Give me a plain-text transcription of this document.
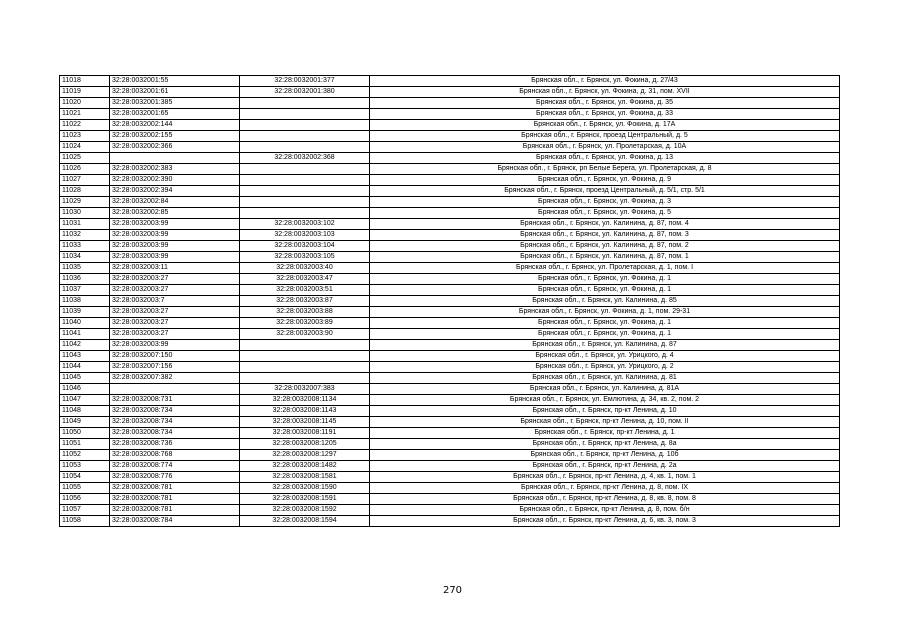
11018	32:28:0032001:55	32:28:0032001:377	Брянская обл., г. Брянск, ул. Фокина, д. 27/43
11019	32:28:0032001:61	32:28:0032001:380	Брянская обл., г. Брянск, ул. Фокина, д. 31, пом. XVII
11020	32:28:0032001:385		Брянская обл., г. Брянск, ул. Фокина, д. 35
11021	32:28:0032001:65		Брянская обл., г. Брянск, ул. Фокина, д. 33
11022	32:28:0032002:144		Брянская обл., г. Брянск, ул. Фокина, д. 17А
11023	32:28:0032002:155		Брянская обл., г. Брянск, проезд Центральный, д. 5
11024	32:28:0032002:366		Брянская обл., г. Брянск, ул. Пролетарская, д. 10А
11025		32:28:0032002:368	Брянская обл., г. Брянск, ул. Фокина, д. 13
11026	32:28:0032002:383		Брянская обл., г. Брянск, рп Белые Берега, ул. Пролетарская, д. 8
11027	32:28:0032002:390		Брянская обл., г. Брянск, ул. Фокина, д. 9
11028	32:28:0032002:394		Брянская обл., г. Брянск, проезд Центральный, д. 5/1, стр. 5/1
11029	32:28:0032002:84		Брянская обл., г. Брянск, ул. Фокина, д. 3
11030	32:28:0032002:85		Брянская обл., г. Брянск, ул. Фокина, д. 5
11031	32:28:0032003:99	32:28:0032003:102	Брянская обл., г. Брянск, ул. Калинина, д. 87, пом. 4
11032	32:28:0032003:99	32:28:0032003:103	Брянская обл., г. Брянск, ул. Калинина, д. 87, пом. 3
11033	32:28:0032003:99	32:28:0032003:104	Брянская обл., г. Брянск, ул. Калинина, д. 87, пом. 2
11034	32:28:0032003:99	32:28:0032003:105	Брянская обл., г. Брянск, ул. Калинина, д. 87, пом. 1
11035	32:28:0032003:11	32:28:0032003:40	Брянская обл., г. Брянск, ул. Пролетарская, д. 1, пом. I
11036	32:28:0032003:27	32:28:0032003:47	Брянская обл., г. Брянск, ул. Фокина, д. 1
11037	32:28:0032003:27	32:28:0032003:51	Брянская обл., г. Брянск, ул. Фокина, д. 1
11038	32:28:0032003:7	32:28:0032003:87	Брянская обл., г. Брянск, ул. Калинина, д. 85
11039	32:28:0032003:27	32:28:0032003:88	Брянская обл., г. Брянск, ул. Фокина, д. 1, пом. 29-31
11040	32:28:0032003:27	32:28:0032003:89	Брянская обл., г. Брянск, ул. Фокина, д. 1
11041	32:28:0032003:27	32:28:0032003:90	Брянская обл., г. Брянск, ул. Фокина, д. 1
11042	32:28:0032003:99		Брянская обл., г. Брянск, ул. Калинина, д. 87
11043	32:28:0032007:150		Брянская обл., г. Брянск, ул. Урицкого, д. 4
11044	32:28:0032007:156		Брянская обл., г. Брянск, ул. Урицкого, д. 2
11045	32:28:0032007:382		Брянская обл., г. Брянск, ул. Калинина, д. 81
11046		32:28:0032007:383	Брянская обл., г. Брянск, ул. Калинина, д. 81А
11047	32:28:0032008:731	32:28:0032008:1134	Брянская обл., г. Брянск, ул. Емлютина, д. 34, кв. 2, пом. 2
11048	32:28:0032008:734	32:28:0032008:1143	Брянская обл., г. Брянск, пр-кт Ленина, д. 10
11049	32:28:0032008:734	32:28:0032008:1145	Брянская обл., г. Брянск, пр-кт Ленина, д. 10, пом. II
11050	32:28:0032008:734	32:28:0032008:1191	Брянская обл., г. Брянск, пр-кт Ленина, д. 1
11051	32:28:0032008:736	32:28:0032008:1205	Брянская обл., г. Брянск, пр-кт Ленина, д. 8а
11052	32:28:0032008:768	32:28:0032008:1297	Брянская обл., г. Брянск, пр-кт Ленина, д. 10б
11053	32:28:0032008:774	32:28:0032008:1482	Брянская обл., г. Брянск, пр-кт Ленина, д. 2а
11054	32:28:0032008:776	32:28:0032008:1581	Брянская обл., г. Брянск, пр-кт Ленина, д. 4, кв. 1, пом. 1
11055	32:28:0032008:781	32:28:0032008:1590	Брянская обл., г. Брянск, пр-кт Ленина, д. 8, пом. IX
11056	32:28:0032008:781	32:28:0032008:1591	Брянская обл., г. Брянск, пр-кт Ленина, д. 8, кв. 8, пом. 8
11057	32:28:0032008:781	32:28:0032008:1592	Брянская обл., г. Брянск, пр-кт Ленина, д. 8, пом. б/н
11058	32:28:0032008:784	32:28:0032008:1594	Брянская обл., г. Брянск, пр-кт Ленина, д. 6, кв. 3, пом. 3
270
